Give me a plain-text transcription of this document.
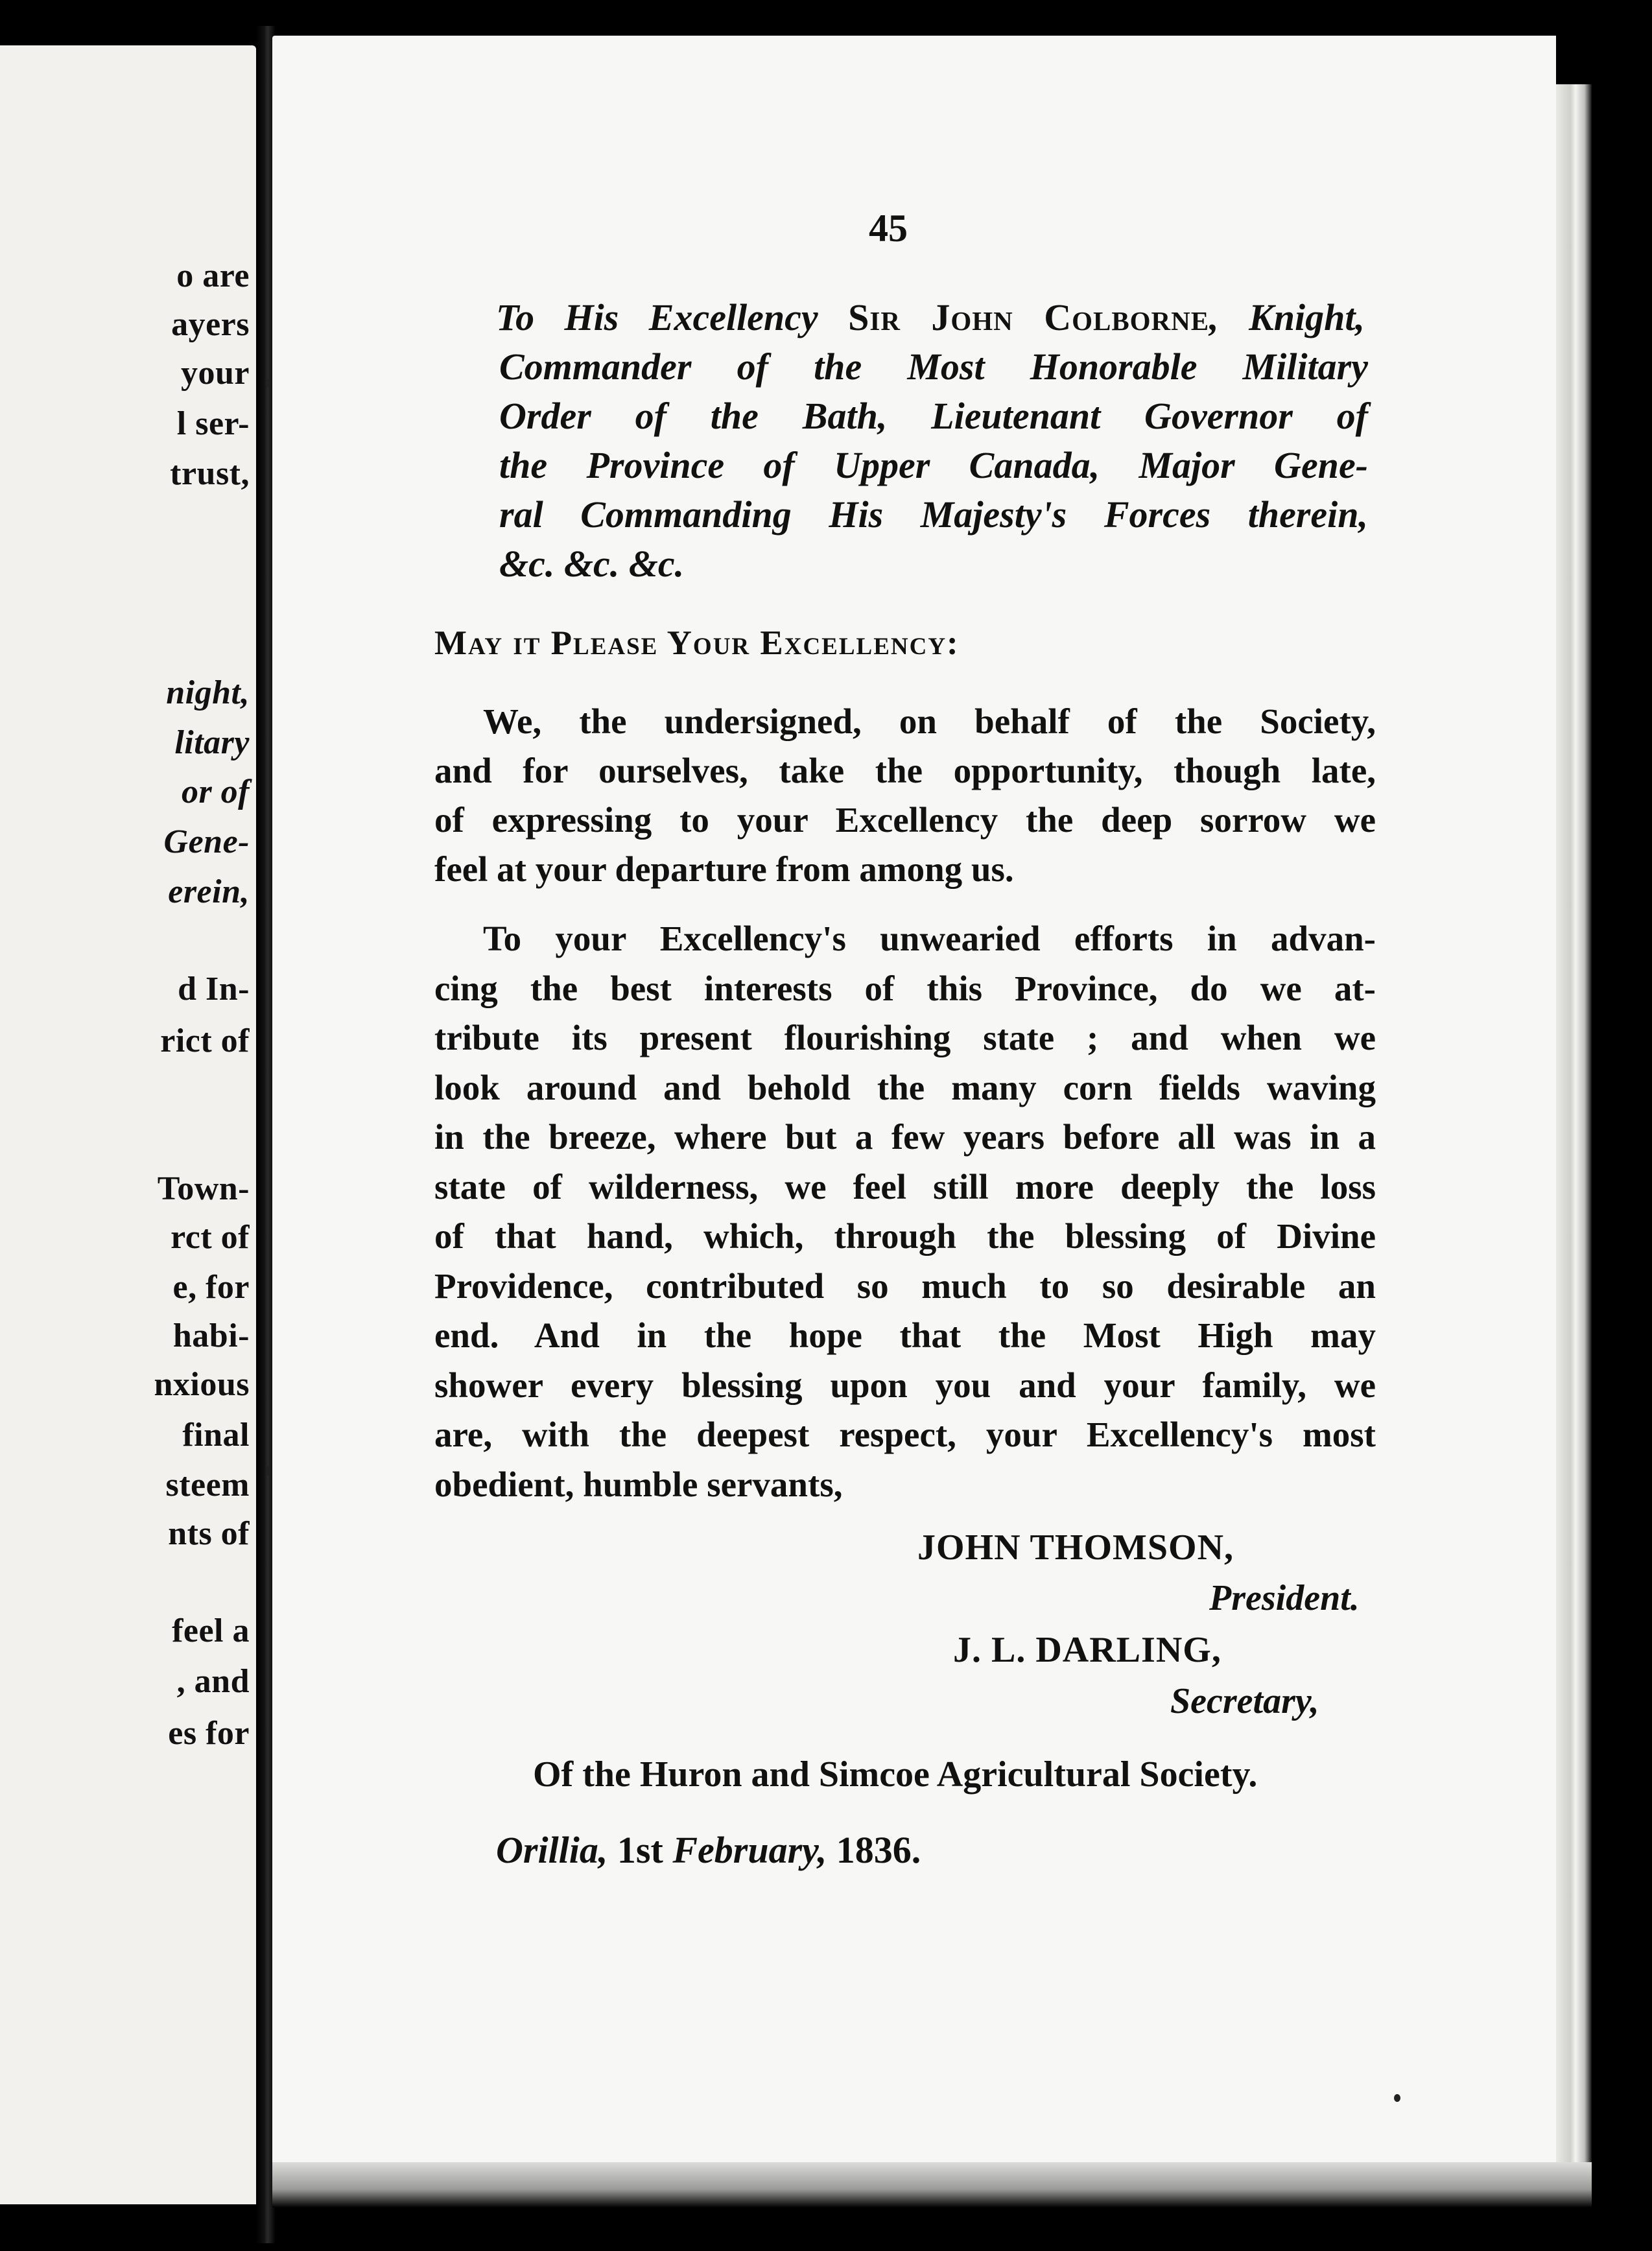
o are
ayers
your
l ser-
trust,
night,
litary
or of
Gene-
erein,
d In-
rict of
Town-
rct of
e, for
habi-
nxious
final
steem
nts of
feel a
, and
es for
45
To His Excellency Sir John Colborne, Knight,
Commander of the Most Honorable Military
Order of the Bath, Lieutenant Governor of
the Province of Upper Canada, Major Gene-
ral Commanding His Majesty's Forces therein,
&c. &c. &c.
May it Please Your Excellency:
We, the undersigned, on behalf of the Society,
and for ourselves, take the opportunity, though late,
of expressing to your Excellency the deep sorrow we
feel at your departure from among us.
To your Excellency's unwearied efforts in advan-
cing the best interests of this Province, do we at-
tribute its present flourishing state ; and when we
look around and behold the many corn fields waving
in the breeze, where but a few years before all was in a
state of wilderness, we feel still more deeply the loss
of that hand, which, through the blessing of Divine
Providence, contributed so much to so desirable an
end. And in the hope that the Most High may
shower every blessing upon you and your family, we
are, with the deepest respect, your Excellency's most
obedient, humble servants,
JOHN THOMSON,
President.
J. L. DARLING,
Secretary,
Of the Huron and Simcoe Agricultural Society.
Orillia, 1st February, 1836.
